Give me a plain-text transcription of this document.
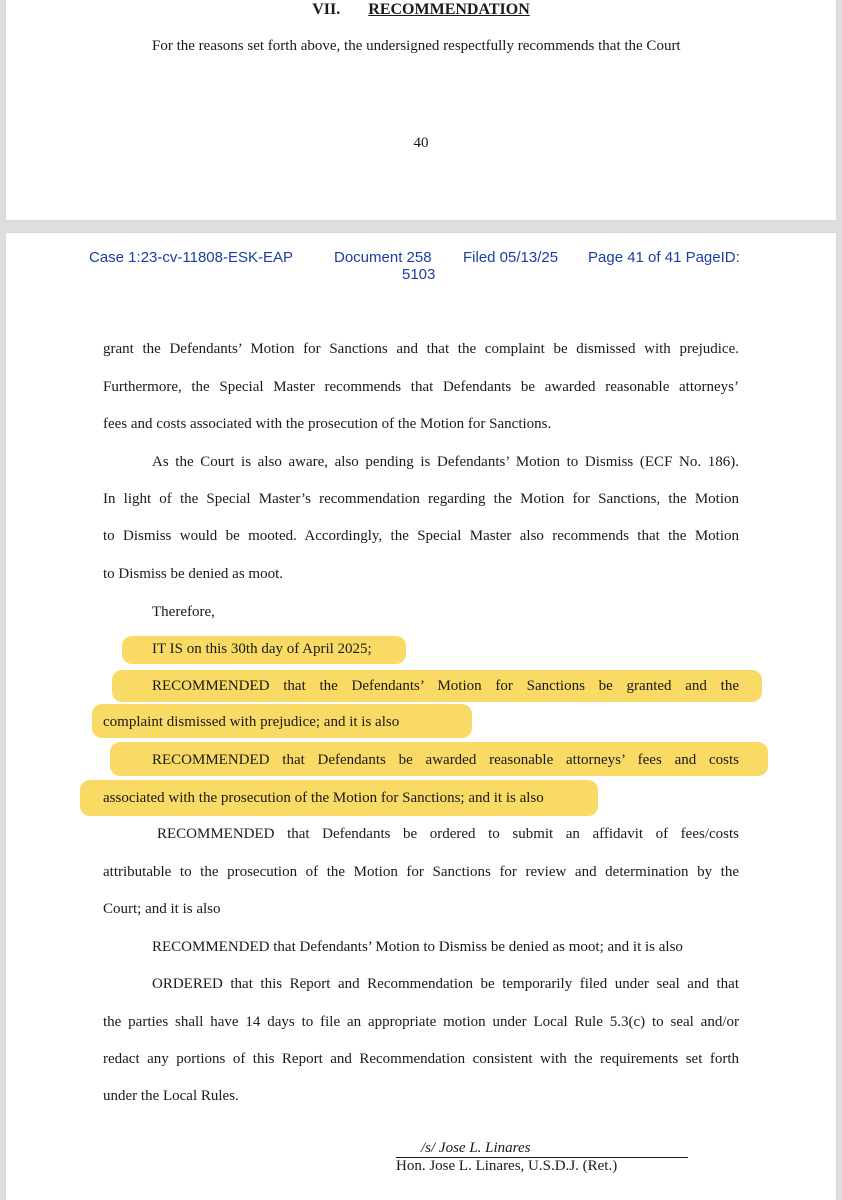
VII. RECOMMENDATION
For the reasons set forth above, the undersigned respectfully recommends that the Court
40
Case 1:23-cv-11808-ESK-EAP	Document 258 Filed 05/13/25 Page 41 of 41 PageID:
5103
grant the Defendants’ Motion for Sanctions and that the complaint be dismissed with prejudice.
Furthermore, the Special Master recommends that Defendants be awarded reasonable attorneys’
fees and costs associated with the prosecution of the Motion for Sanctions.
As the Court is also aware, also pending is Defendants’ Motion to Dismiss (ECF No. 186).
In light of the Special Master’s recommendation regarding the Motion for Sanctions, the Motion
to Dismiss would be mooted. Accordingly, the Special Master also recommends that the Motion
to Dismiss be denied as moot.
Therefore,
IT IS on this 30th day of April 2025;
RECOMMENDED that the Defendants’ Motion for Sanctions be granted and the
complaint dismissed with prejudice; and it is also
RECOMMENDED that Defendants be awarded reasonable attorneys’ fees and costs
associated with the prosecution of the Motion for Sanctions; and it is also
RECOMMENDED that Defendants be ordered to submit an affidavit of fees/costs
attributable to the prosecution of the Motion for Sanctions for review and determination by the
Court; and it is also
RECOMMENDED that Defendants’ Motion to Dismiss be denied as moot; and it is also
ORDERED that this Report and Recommendation be temporarily filed under seal and that
the parties shall have 14 days to file an appropriate motion under Local Rule 5.3(c) to seal and/or
redact any portions of this Report and Recommendation consistent with the requirements set forth
under the Local Rules.
/s/ Jose L. Linares
Hon. Jose L. Linares, U.S.D.J. (Ret.)
